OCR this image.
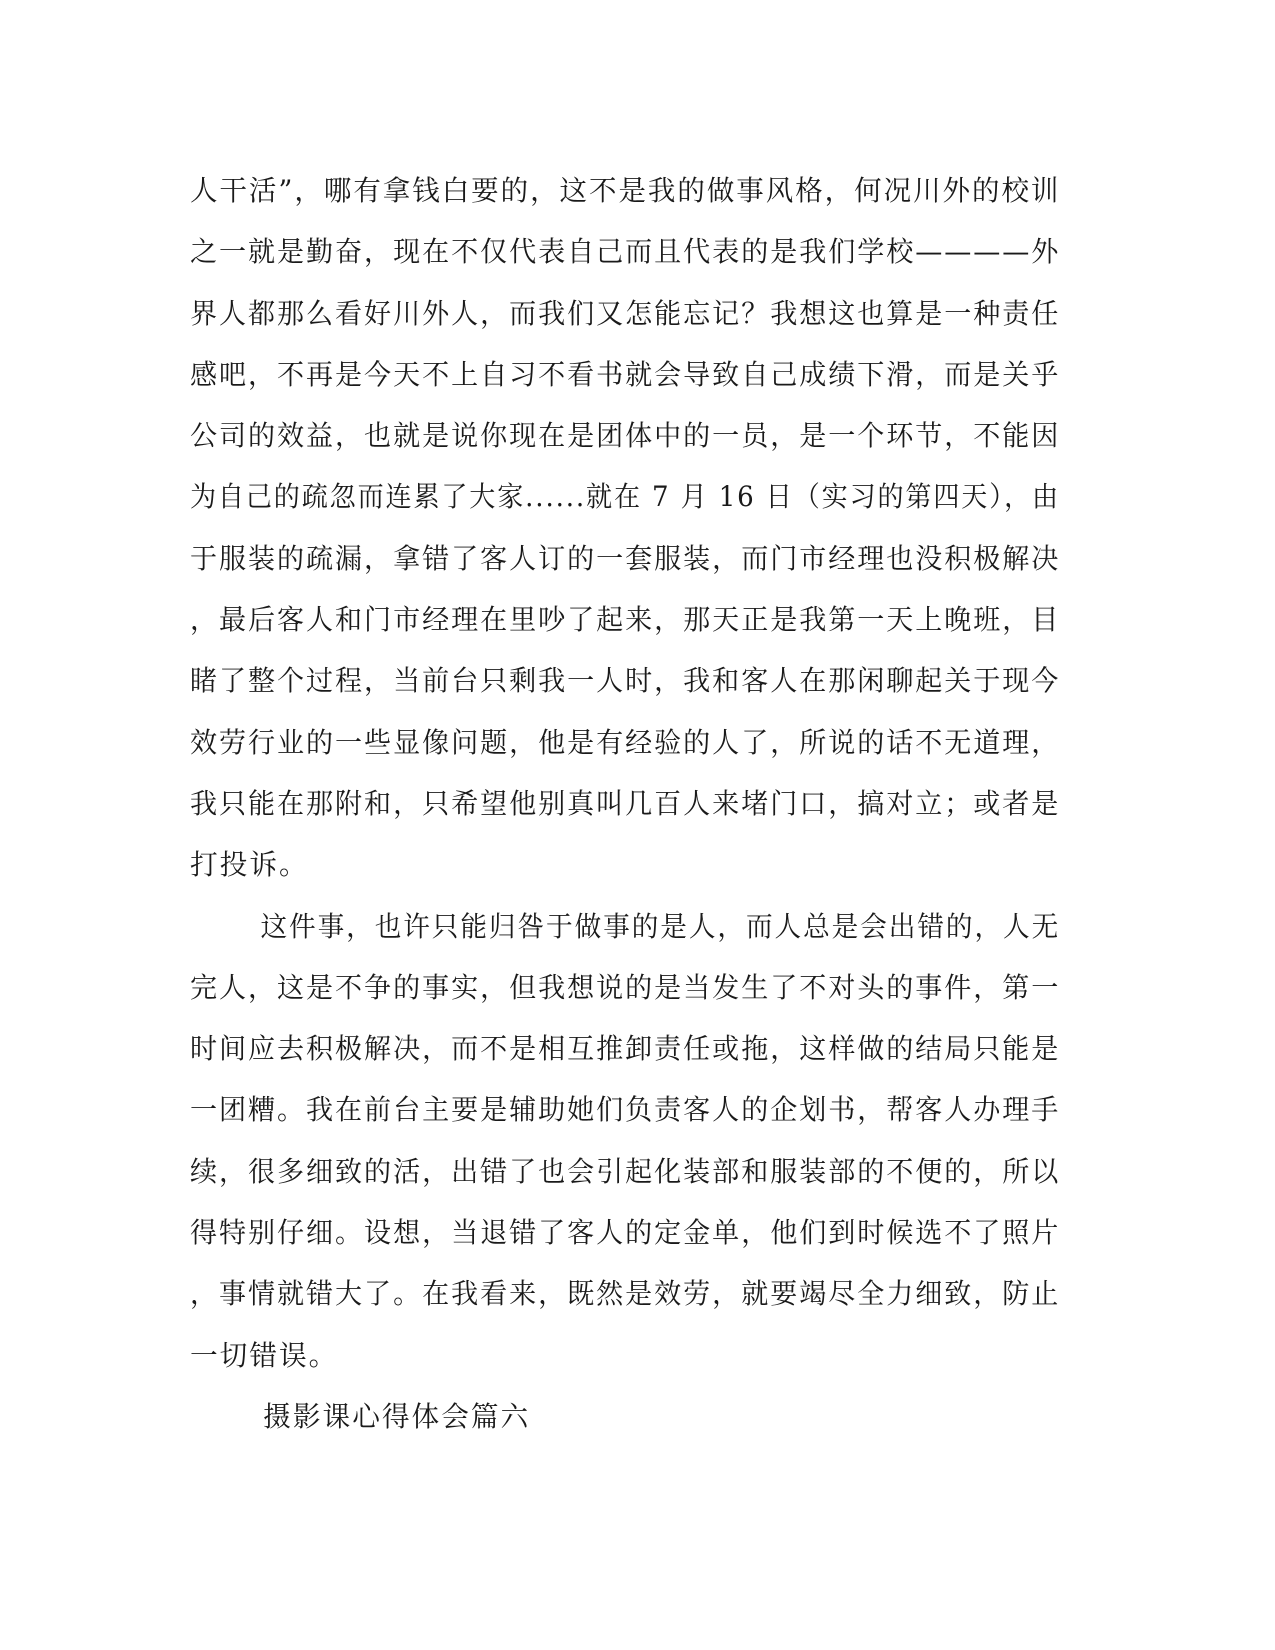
人干活”，哪有拿钱白要的，这不是我的做事风格，何况川外的校训
之一就是勤奋，现在不仅代表自己而且代表的是我们学校————外
界人都那么看好川外人，而我们又怎能忘记？我想这也算是一种责任
感吧，不再是今天不上自习不看书就会导致自己成绩下滑，而是关乎
公司的效益，也就是说你现在是团体中的一员，是一个环节，不能因
为自己的疏忽而连累了大家......就在 7 月 16 日（实习的第四天），由
于服装的疏漏，拿错了客人订的一套服装，而门市经理也没积极解决
，最后客人和门市经理在里吵了起来，那天正是我第一天上晚班，目
睹了整个过程，当前台只剩我一人时，我和客人在那闲聊起关于现今
效劳行业的一些显像问题，他是有经验的人了，所说的话不无道理，
我只能在那附和，只希望他别真叫几百人来堵门口，搞对立；或者是
打投诉。
这件事，也许只能归咎于做事的是人，而人总是会出错的，人无
完人，这是不争的事实，但我想说的是当发生了不对头的事件，第一
时间应去积极解决，而不是相互推卸责任或拖，这样做的结局只能是
一团糟。我在前台主要是辅助她们负责客人的企划书，帮客人办理手
续，很多细致的活，出错了也会引起化装部和服装部的不便的，所以
得特别仔细。设想，当退错了客人的定金单，他们到时候选不了照片
，事情就错大了。在我看来，既然是效劳，就要竭尽全力细致，防止
一切错误。
摄影课心得体会篇六
